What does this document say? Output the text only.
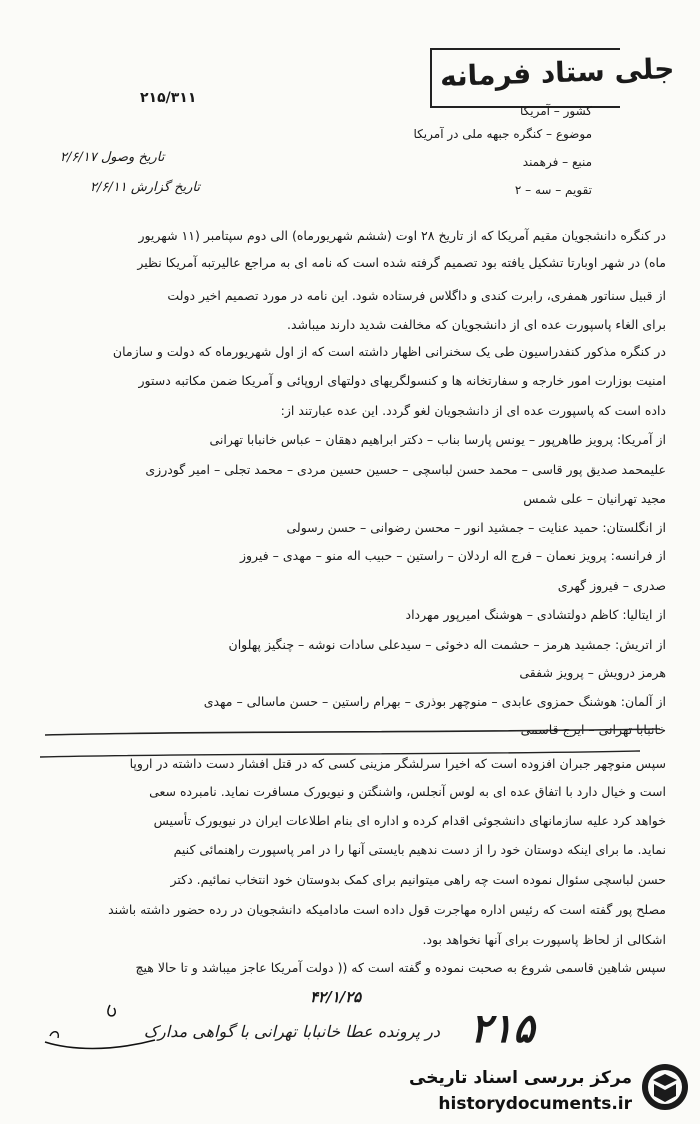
جلی ستاد فرمانه
۲۱۵/۳۱۱
کشور – آمریکا
موضوع – کنگره جبهه ملی در آمریکا
منبع – فرهمند
تقویم – سه – ۲
تاریخ وصول ۲/۶/۱۷
تاریخ گزارش ۲/۶/۱۱
در کنگره دانشجویان مقیم آمریکا که از تاریخ ۲۸ اوت (ششم شهریورماه) الی دوم سپتامبر (۱۱ شهریور
ماه) در شهر اوبارتا تشکیل یافته بود تصمیم گرفته شده است که نامه ای به مراجع عالیرتبه آمریکا نظیر
از قبیل سناتور همفری، رابرت کندی و داگلاس فرستاده شود. این نامه در مورد تصمیم اخیر دولت
برای الغاء پاسپورت عده ای از دانشجویان که مخالفت شدید دارند میباشد.
در کنگره مذکور کنفدراسیون طی یک سخنرانی اظهار داشته است که از اول شهریورماه که دولت و سازمان
امنیت بوزارت امور خارجه و سفارتخانه ها و کنسولگریهای دولتهای اروپائی و آمریکا ضمن مکاتبه دستور
داده است که پاسپورت عده ای از دانشجویان لغو گردد. این عده عبارتند از:
از آمریکا: پرویز طاهرپور – یونس پارسا بناب – دکتر ابراهیم دهقان – عباس خانبابا تهرانی
علیمحمد صدیق پور قاسی – محمد حسن لباسچی – حسین حسین مردی – محمد تجلی – امیر گودرزی
مجید تهرانیان – علی شمس
از انگلستان: حمید عنایت – جمشید انور – محسن رضوانی – حسن رسولی
از فرانسه: پرویز نعمان – فرج اله اردلان – راستین – حبیب اله منو – مهدی – فیروز
صدری – فیروز گهری
از ایتالیا: کاظم دولتشادی – هوشنگ امیرپور مهرداد
از اتریش: جمشید هرمز – حشمت اله دخوئی – سیدعلی سادات نوشه – چنگیز پهلوان
هرمز درویش – پرویز شفقی
از آلمان: هوشنگ حمزوی عابدی – منوچهر بوذری – بهرام راستین – حسن ماسالی – مهدی
خانبابا تهرانی – ایرج قاسمی
سپس منوچهر جبران افزوده است که اخیرا سرلشگر مزینی کسی که در قتل افشار دست داشته در اروپا
است و خیال دارد با اتفاق عده ای به لوس آنجلس، واشنگتن و نیویورک مسافرت نماید. نامبرده سعی
خواهد کرد علیه سازمانهای دانشجوئی اقدام کرده و اداره ای بنام اطلاعات ایران در نیویورک تأسیس
نماید. ما برای اینکه دوستان خود را از دست ندهیم بایستی آنها را در امر پاسپورت راهنمائی کنیم
حسن لباسچی سئوال نموده است چه راهی میتوانیم برای کمک بدوستان خود انتخاب نمائیم. دکتر
مصلح پور گفته است که رئیس اداره مهاجرت قول داده است مادامیکه دانشجویان در رده حضور داشته باشند
اشکالی از لحاظ پاسپورت برای آنها نخواهد بود.
سپس شاهین قاسمی شروع به صحبت نموده و گفته است که (( دولت آمریکا عاجز میباشد و تا حالا هیچ
۴۲/۱/۲۵
۲۱۵
در پرونده عطا خانبابا تهرانی با گواهی مدارک
مرکز بررسی اسناد تاریخی
historydocuments.ir
